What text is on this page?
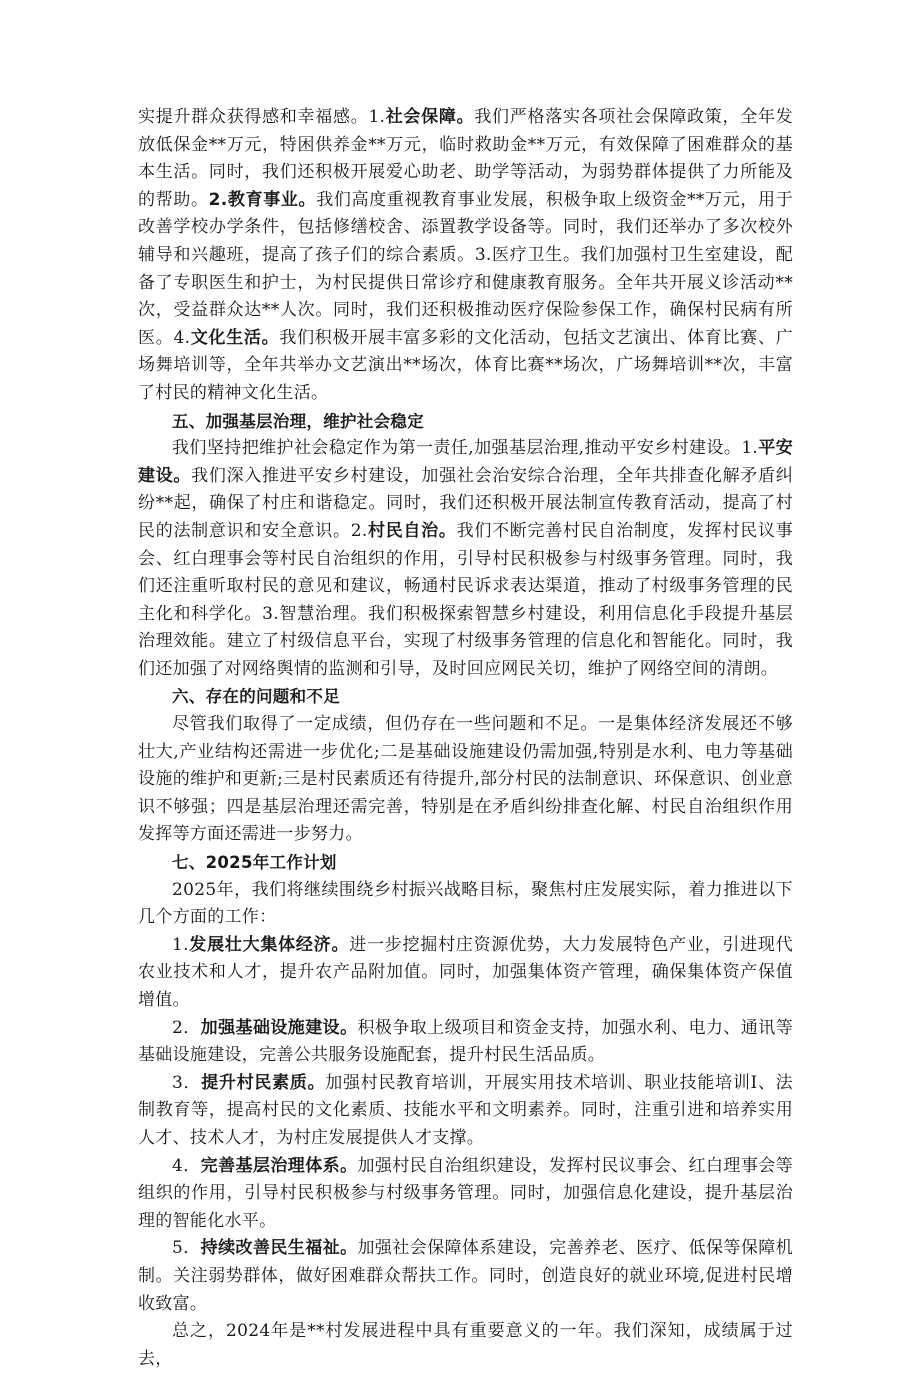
实提升群众获得感和幸福感。1.社会保障。我们严格落实各项社会保障政策，全年发放低保金**万元，特困供养金**万元，临时救助金**万元，有效保障了困难群众的基本生活。同时，我们还积极开展爱心助老、助学等活动，为弱势群体提供了力所能及的帮助。2.教育事业。我们高度重视教育事业发展，积极争取上级资金**万元，用于改善学校办学条件，包括修缮校舍、添置教学设备等。同时，我们还举办了多次校外辅导和兴趣班，提高了孩子们的综合素质。3.医疗卫生。我们加强村卫生室建设，配备了专职医生和护士，为村民提供日常诊疗和健康教育服务。全年共开展义诊活动**次，受益群众达**人次。同时，我们还积极推动医疗保险参保工作，确保村民病有所医。4.文化生活。我们积极开展丰富多彩的文化活动，包括文艺演出、体育比赛、广场舞培训等，全年共举办文艺演出**场次，体育比赛**场次，广场舞培训**次，丰富了村民的精神文化生活。

五、加强基层治理，维护社会稳定

我们坚持把维护社会稳定作为第一责任,加强基层治理,推动平安乡村建设。1.平安建设。我们深入推进平安乡村建设，加强社会治安综合治理，全年共排查化解矛盾纠纷**起，确保了村庄和谐稳定。同时，我们还积极开展法制宣传教育活动，提高了村民的法制意识和安全意识。2.村民自治。我们不断完善村民自治制度，发挥村民议事会、红白理事会等村民自治组织的作用，引导村民积极参与村级事务管理。同时，我们还注重听取村民的意见和建议，畅通村民诉求表达渠道，推动了村级事务管理的民主化和科学化。3.智慧治理。我们积极探索智慧乡村建设，利用信息化手段提升基层治理效能。建立了村级信息平台，实现了村级事务管理的信息化和智能化。同时，我们还加强了对网络舆情的监测和引导，及时回应网民关切，维护了网络空间的清朗。

六、存在的问题和不足

尽管我们取得了一定成绩，但仍存在一些问题和不足。一是集体经济发展还不够壮大,产业结构还需进一步优化;二是基础设施建设仍需加强,特别是水利、电力等基础设施的维护和更新;三是村民素质还有待提升,部分村民的法制意识、环保意识、创业意识不够强；四是基层治理还需完善，特别是在矛盾纠纷排查化解、村民自治组织作用发挥等方面还需进一步努力。

七、2025年工作计划

2025年，我们将继续围绕乡村振兴战略目标，聚焦村庄发展实际，着力推进以下几个方面的工作：

1.发展壮大集体经济。进一步挖掘村庄资源优势，大力发展特色产业，引进现代农业技术和人才，提升农产品附加值。同时，加强集体资产管理，确保集体资产保值增值。

2．加强基础设施建设。积极争取上级项目和资金支持，加强水利、电力、通讯等基础设施建设，完善公共服务设施配套，提升村民生活品质。

3．提升村民素质。加强村民教育培训，开展实用技术培训、职业技能培训I、法制教育等，提高村民的文化素质、技能水平和文明素养。同时，注重引进和培养实用人才、技术人才，为村庄发展提供人才支撑。

4．完善基层治理体系。加强村民自治组织建设，发挥村民议事会、红白理事会等组织的作用，引导村民积极参与村级事务管理。同时，加强信息化建设，提升基层治理的智能化水平。

5．持续改善民生福祉。加强社会保障体系建设，完善养老、医疗、低保等保障机制。关注弱势群体，做好困难群众帮扶工作。同时，创造良好的就业环境,促进村民增收致富。

总之，2024年是**村发展进程中具有重要意义的一年。我们深知，成绩属于过去，
